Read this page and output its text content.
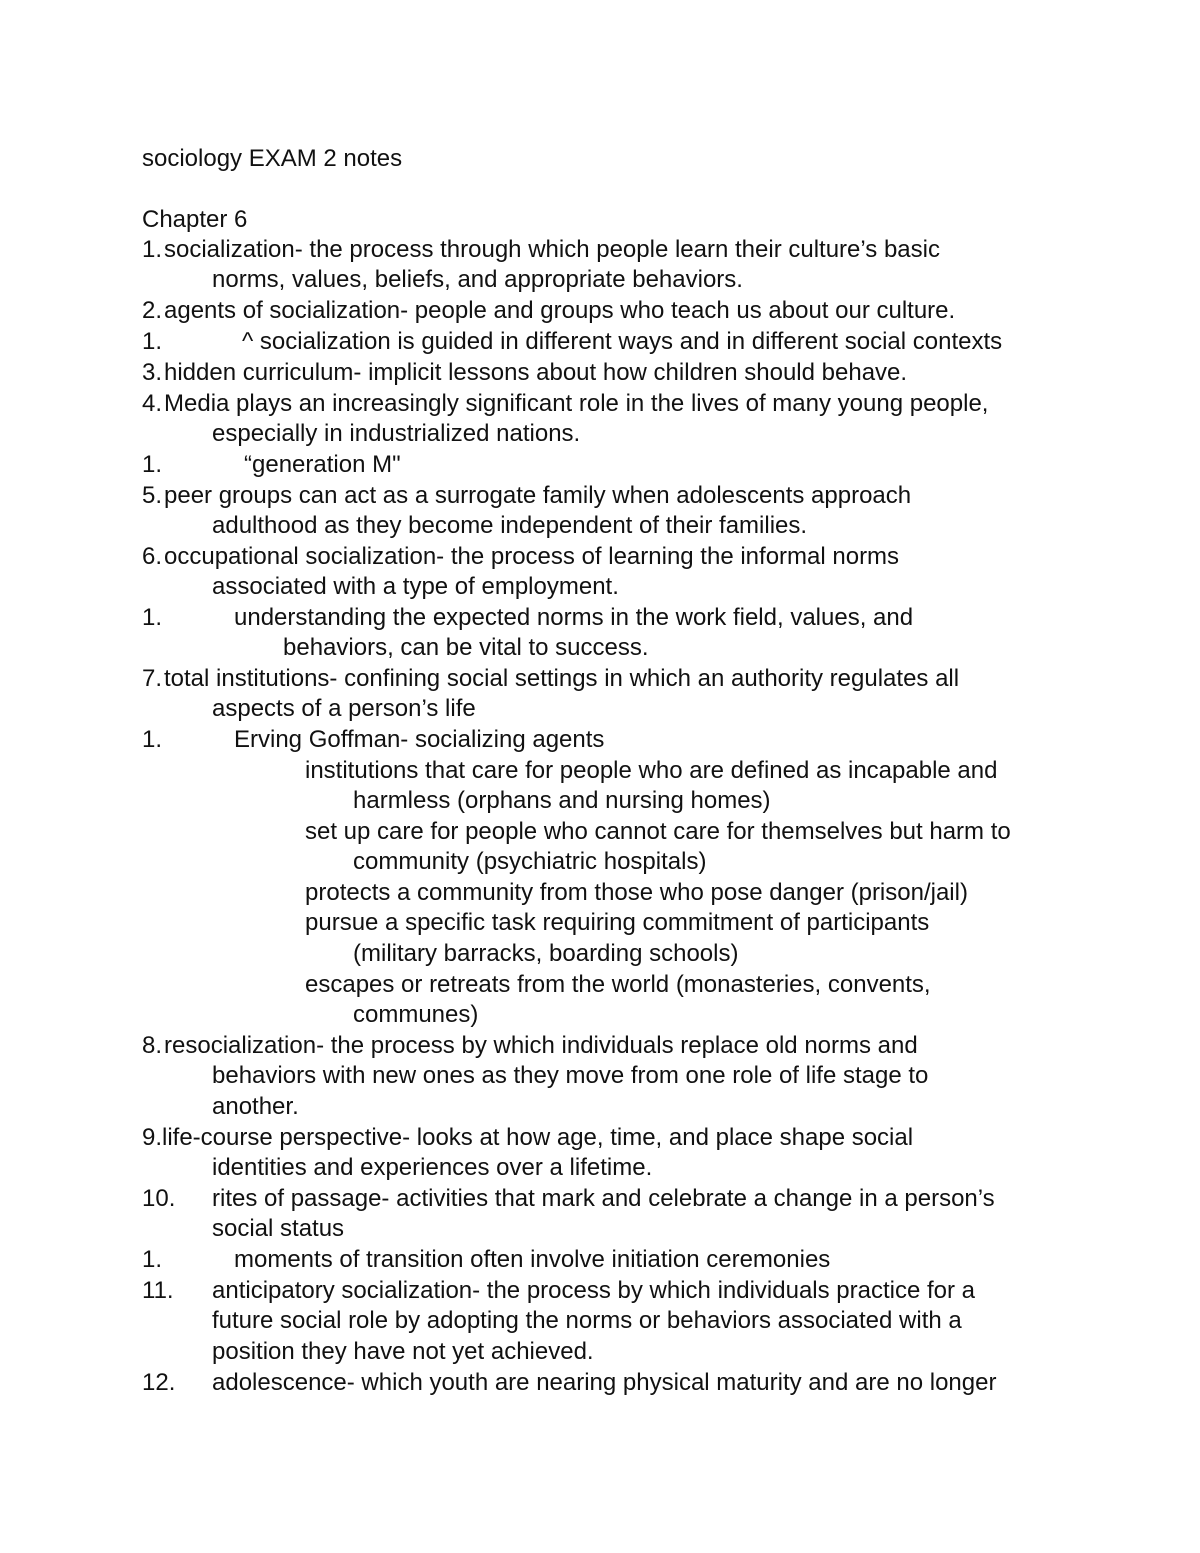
sociology EXAM 2 notes
Chapter 6
1. socialization- the process through which people learn their culture’s basic
norms, values, beliefs, and appropriate behaviors.
2. agents of socialization- people and groups who teach us about our culture.
1.	^ socialization is guided in different ways and in different social contexts
3. hidden curriculum- implicit lessons about how children should behave.
4. Media plays an increasingly significant role in the lives of many young people,
especially in industrialized nations.
1.	“generation M"
5. peer groups can act as a surrogate family when adolescents approach
adulthood as they become independent of their families.
6. occupational socialization- the process of learning the informal norms
associated with a type of employment.
1.	understanding the expected norms in the work field, values, and
behaviors, can be vital to success.
7. total institutions- confining social settings in which an authority regulates all
aspects of a person’s life
1.	Erving Goffman- socializing agents
institutions that care for people who are defined as incapable and
harmless (orphans and nursing homes)
set up care for people who cannot care for themselves but harm to
community (psychiatric hospitals)
protects a community from those who pose danger (prison/jail)
pursue a specific task requiring commitment of participants
(military barracks, boarding schools)
escapes or retreats from the world (monasteries, convents,
communes)
8. resocialization- the process by which individuals replace old norms and
behaviors with new ones as they move from one role of life stage to
another.
9. life-course perspective- looks at how age, time, and place shape social
identities and experiences over a lifetime.
10. rites of passage- activities that mark and celebrate a change in a person’s
social status
1.	moments of transition often involve initiation ceremonies
11. anticipatory socialization- the process by which individuals practice for a
future social role by adopting the norms or behaviors associated with a
position they have not yet achieved.
12. adolescence- which youth are nearing physical maturity and are no longer
